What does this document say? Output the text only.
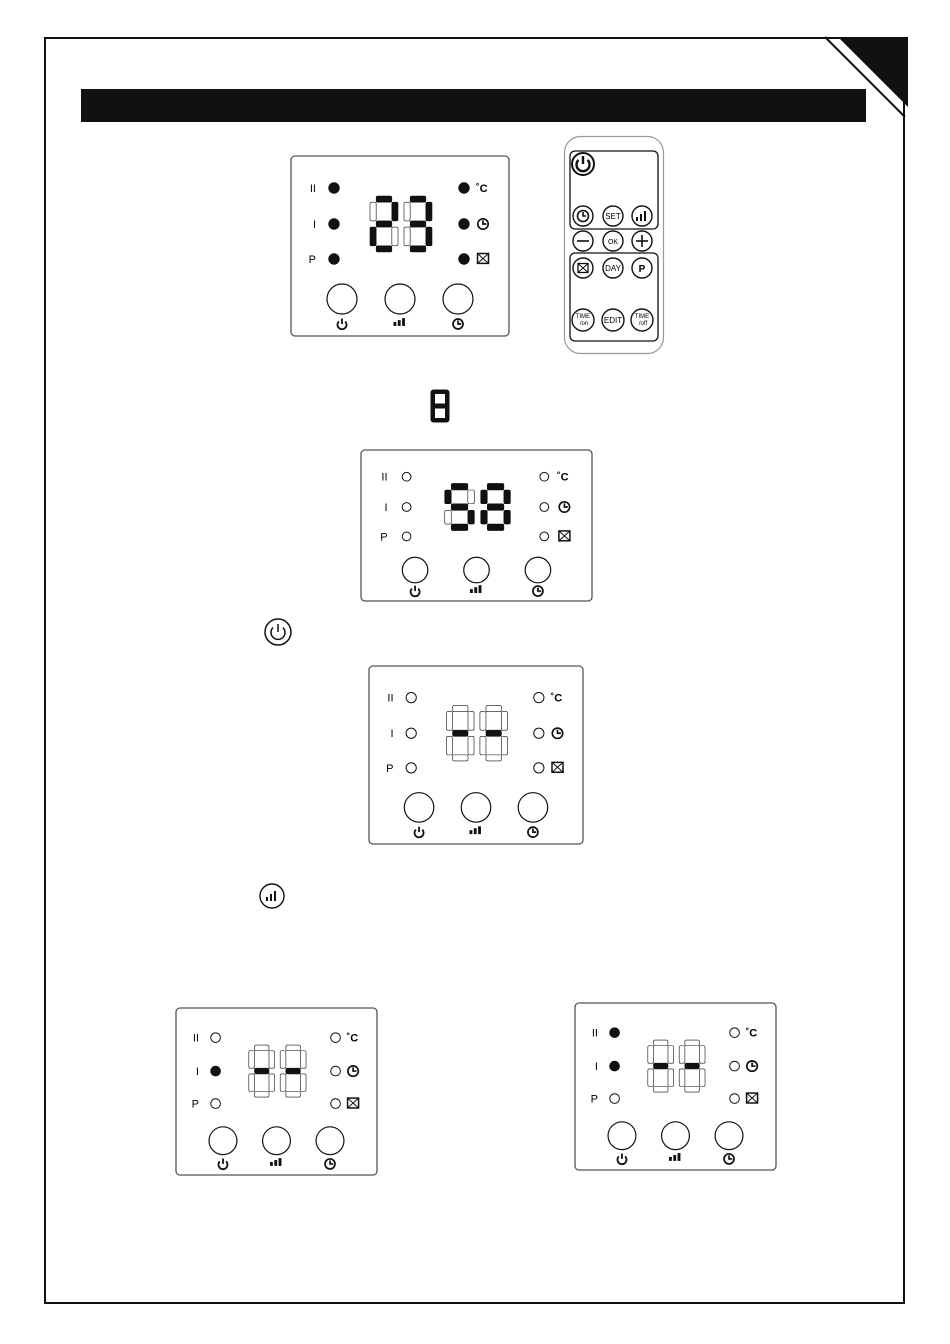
II
I
P
˚C
SET
OK
DAY P
TIME
/on EDIT TIME
/off
II
I
P
˚C
II
I
P
˚C
II
I
P
˚C	II
I
P
˚C
